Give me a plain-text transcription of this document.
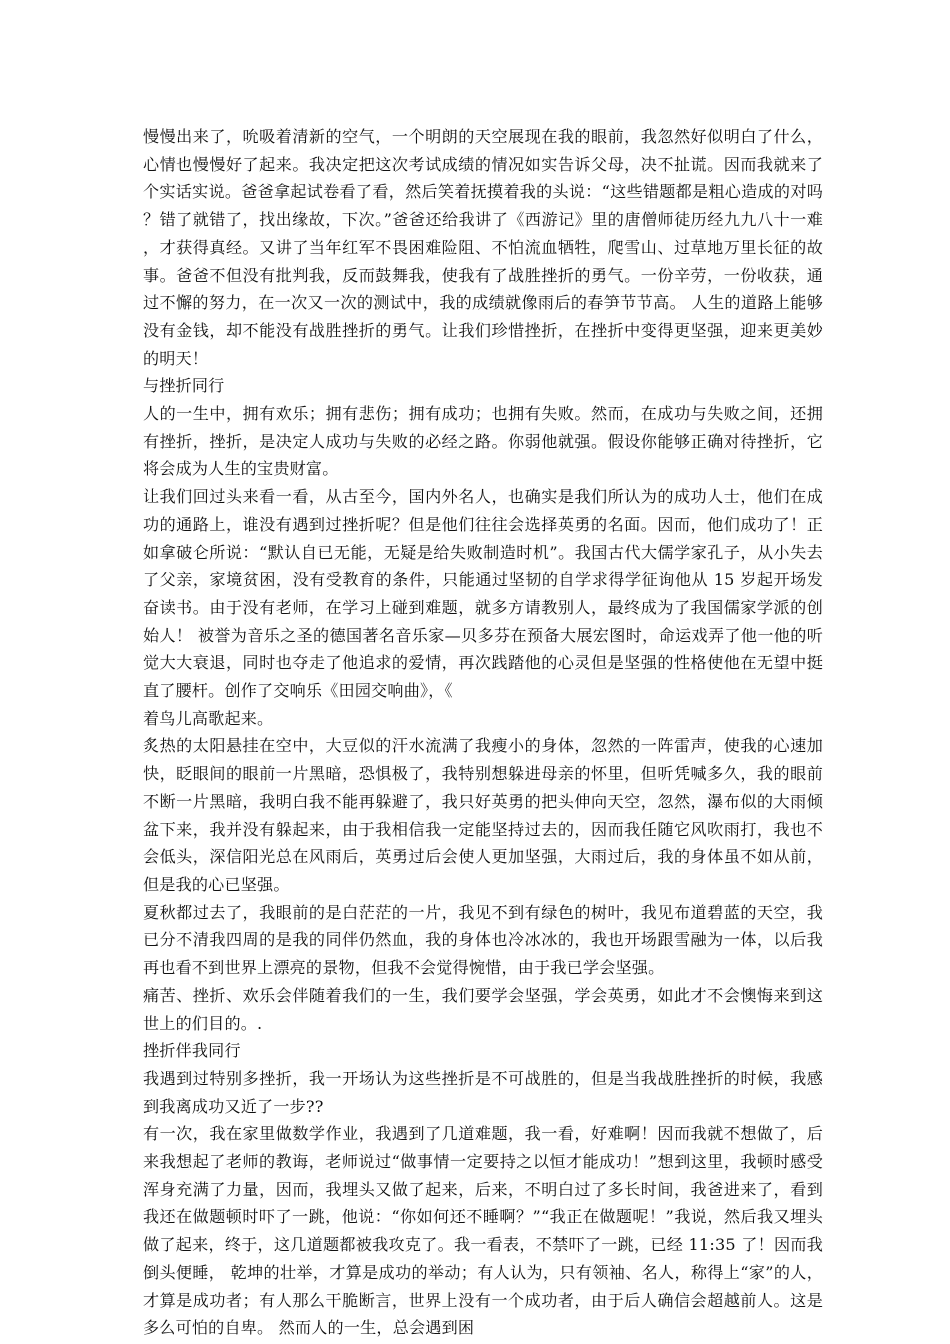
慢慢出来了，吮吸着清新的空气，一个明朗的天空展现在我的眼前，我忽然好似明白了什么，心情也慢慢好了起来。我决定把这次考试成绩的情况如实告诉父母，决不扯谎。因而我就来了个实话实说。爸爸拿起试卷看了看，然后笑着抚摸着我的头说：“这些错题都是粗心造成的对吗？错了就错了，找出缘故，下次。”爸爸还给我讲了《西游记》里的唐僧师徒历经九九八十一难，才获得真经。又讲了当年红军不畏困难险阻、不怕流血牺牲，爬雪山、过草地万里长征的故事。爸爸不但没有批判我，反而鼓舞我，使我有了战胜挫折的勇气。一份辛劳，一份收获，通过不懈的努力，在一次又一次的测试中，我的成绩就像雨后的春笋节节高。 人生的道路上能够没有金钱，却不能没有战胜挫折的勇气。让我们珍惜挫折，在挫折中变得更坚强，迎来更美妙的明天！

与挫折同行

人的一生中，拥有欢乐；拥有悲伤；拥有成功；也拥有失败。然而，在成功与失败之间，还拥有挫折，挫折，是决定人成功与失败的必经之路。你弱他就强。假设你能够正确对待挫折，它将会成为人生的宝贵财富。

让我们回过头来看一看，从古至今，国内外名人，也确实是我们所认为的成功人士，他们在成功的通路上，谁没有遇到过挫折呢？但是他们往往会选择英勇的名面。因而，他们成功了！正如拿破仑所说：“默认自已无能，无疑是给失败制造时机”。我国古代大儒学家孔子，从小失去了父亲，家境贫困，没有受教育的条件，只能通过坚韧的自学求得学征询他从 15 岁起开场发奋读书。由于没有老师，在学习上碰到难题，就多方请教别人，最终成为了我国儒家学派的创始人！ 被誉为音乐之圣的德国著名音乐家—贝多芬在预备大展宏图时，命运戏弄了他一他的听觉大大衰退，同时也夺走了他追求的爱情，再次践踏他的心灵但是坚强的性格使他在无望中挺直了腰杆。创作了交响乐《田园交响曲》，《

着鸟儿高歌起来。

炙热的太阳悬挂在空中，大豆似的汗水流满了我瘦小的身体，忽然的一阵雷声，使我的心速加快，眨眼间的眼前一片黑暗，恐惧极了，我特别想躲进母亲的怀里，但听凭喊多久，我的眼前不断一片黑暗，我明白我不能再躲避了，我只好英勇的把头伸向天空，忽然，瀑布似的大雨倾盆下来，我并没有躲起来，由于我相信我一定能坚持过去的，因而我任随它风吹雨打，我也不会低头，深信阳光总在风雨后，英勇过后会使人更加坚强，大雨过后，我的身体虽不如从前，但是我的心已坚强。

夏秋都过去了，我眼前的是白茫茫的一片，我见不到有绿色的树叶，我见布道碧蓝的天空，我已分不清我四周的是我的同伴仍然血，我的身体也冷冰冰的，我也开场跟雪融为一体，以后我再也看不到世界上漂亮的景物，但我不会觉得惋惜，由于我已学会坚强。

痛苦、挫折、欢乐会伴随着我们的一生，我们要学会坚强，学会英勇，如此才不会懊悔来到这世上的们目的。.

挫折伴我同行

我遇到过特别多挫折，我一开场认为这些挫折是不可战胜的，但是当我战胜挫折的时候，我感到我离成功又近了一步??

有一次，我在家里做数学作业，我遇到了几道难题，我一看，好难啊！因而我就不想做了，后来我想起了老师的教诲，老师说过“做事情一定要持之以恒才能成功！”想到这里，我顿时感受浑身充满了力量，因而，我埋头又做了起来，后来，不明白过了多长时间，我爸进来了，看到我还在做题顿时吓了一跳，他说：“你如何还不睡啊？”“我正在做题呢！”我说，然后我又埋头做了起来，终于，这几道题都被我攻克了。我一看表，不禁吓了一跳，已经 11:35 了！因而我倒头便睡， 乾坤的壮举，才算是成功的举动；有人认为，只有领袖、名人，称得上“家”的人，才算是成功者；有人那么干脆断言，世界上没有一个成功者，由于后人确信会超越前人。这是多么可怕的自卑。 然而人的一生，总会遇到困
